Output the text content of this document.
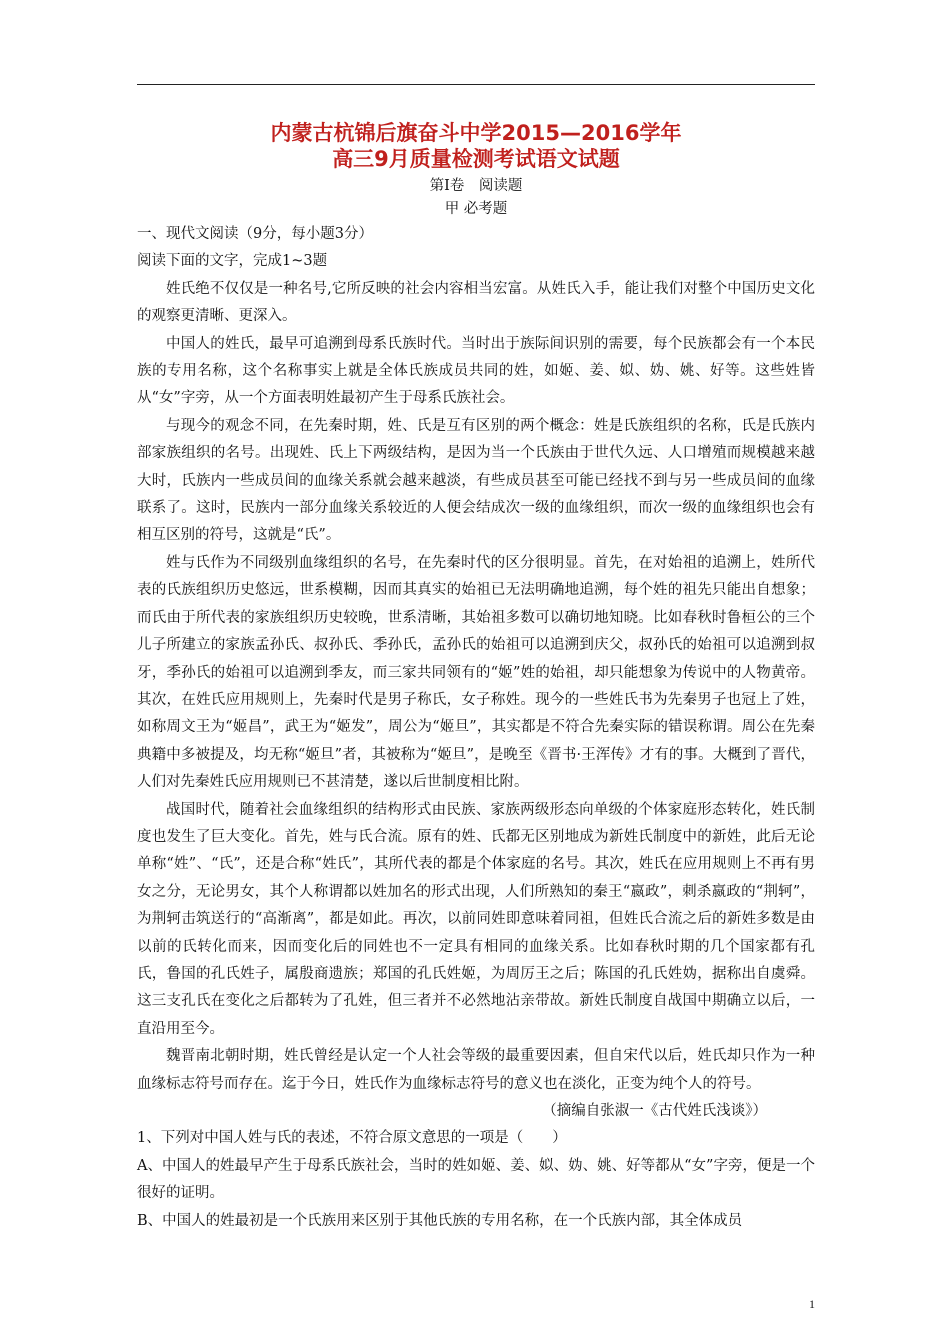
内蒙古杭锦后旗奋斗中学2015—2016学年
高三9月质量检测考试语文试题

第Ⅰ卷　阅读题

甲 必考题

一、现代文阅读（9分，每小题3分）

阅读下面的文字，完成1~3题

姓氏绝不仅仅是一种名号,它所反映的社会内容相当宏富。从姓氏入手，能让我们对整个中国历史文化的观察更清晰、更深入。

中国人的姓氏，最早可追溯到母系氏族时代。当时出于族际间识别的需要，每个民族都会有一个本民族的专用名称，这个名称事实上就是全体氏族成员共同的姓，如姬、姜、姒、妫、姚、好等。这些姓皆从“女”字旁，从一个方面表明姓最初产生于母系氏族社会。

与现今的观念不同，在先秦时期，姓、氏是互有区别的两个概念：姓是氏族组织的名称，氏是氏族内部家族组织的名号。出现姓、氏上下两级结构，是因为当一个氏族由于世代久远、人口增殖而规模越来越大时，氏族内一些成员间的血缘关系就会越来越淡，有些成员甚至可能已经找不到与另一些成员间的血缘联系了。这时，民族内一部分血缘关系较近的人便会结成次一级的血缘组织，而次一级的血缘组织也会有相互区别的符号，这就是“氏”。

姓与氏作为不同级别血缘组织的名号，在先秦时代的区分很明显。首先，在对始祖的追溯上，姓所代表的氏族组织历史悠远，世系模糊，因而其真实的始祖已无法明确地追溯，每个姓的祖先只能出自想象；而氏由于所代表的家族组织历史较晚，世系清晰，其始祖多数可以确切地知晓。比如春秋时鲁桓公的三个儿子所建立的家族孟孙氏、叔孙氏、季孙氏，孟孙氏的始祖可以追溯到庆父，叔孙氏的始祖可以追溯到叔牙，季孙氏的始祖可以追溯到季友，而三家共同领有的“姬”姓的始祖，却只能想象为传说中的人物黄帝。其次，在姓氏应用规则上，先秦时代是男子称氏，女子称姓。现今的一些姓氏书为先秦男子也冠上了姓，如称周文王为“姬昌”，武王为“姬发”，周公为“姬旦”，其实都是不符合先秦实际的错误称谓。周公在先秦典籍中多被提及，均无称“姬旦”者，其被称为“姬旦”，是晚至《晋书·王浑传》才有的事。大概到了晋代，人们对先秦姓氏应用规则已不甚清楚，遂以后世制度相比附。

战国时代，随着社会血缘组织的结构形式由民族、家族两级形态向单级的个体家庭形态转化，姓氏制度也发生了巨大变化。首先，姓与氏合流。原有的姓、氏都无区别地成为新姓氏制度中的新姓，此后无论单称“姓”、“氏”，还是合称“姓氏”，其所代表的都是个体家庭的名号。其次，姓氏在应用规则上不再有男女之分，无论男女，其个人称谓都以姓加名的形式出现，人们所熟知的秦王“嬴政”，刺杀嬴政的“荆轲”，为荆轲击筑送行的“高渐离”，都是如此。再次，以前同姓即意味着同祖，但姓氏合流之后的新姓多数是由以前的氏转化而来，因而变化后的同姓也不一定具有相同的血缘关系。比如春秋时期的几个国家都有孔氏，鲁国的孔氏姓子，属殷商遗族；郑国的孔氏姓姬，为周厉王之后；陈国的孔氏姓妫，据称出自虞舜。这三支孔氏在变化之后都转为了孔姓，但三者并不必然地沾亲带故。新姓氏制度自战国中期确立以后，一直沿用至今。

魏晋南北朝时期，姓氏曾经是认定一个人社会等级的最重要因素，但自宋代以后，姓氏却只作为一种血缘标志符号而存在。迄于今日，姓氏作为血缘标志符号的意义也在淡化，正变为纯个人的符号。

（摘编自张淑一《古代姓氏浅谈》）

1、下列对中国人姓与氏的表述，不符合原文意思的一项是（　　）

A、中国人的姓最早产生于母系氏族社会，当时的姓如姬、姜、姒、妫、姚、好等都从“女”字旁，便是一个很好的证明。

B、中国人的姓最初是一个氏族用来区别于其他氏族的专用名称，在一个氏族内部，其全体成员

1
